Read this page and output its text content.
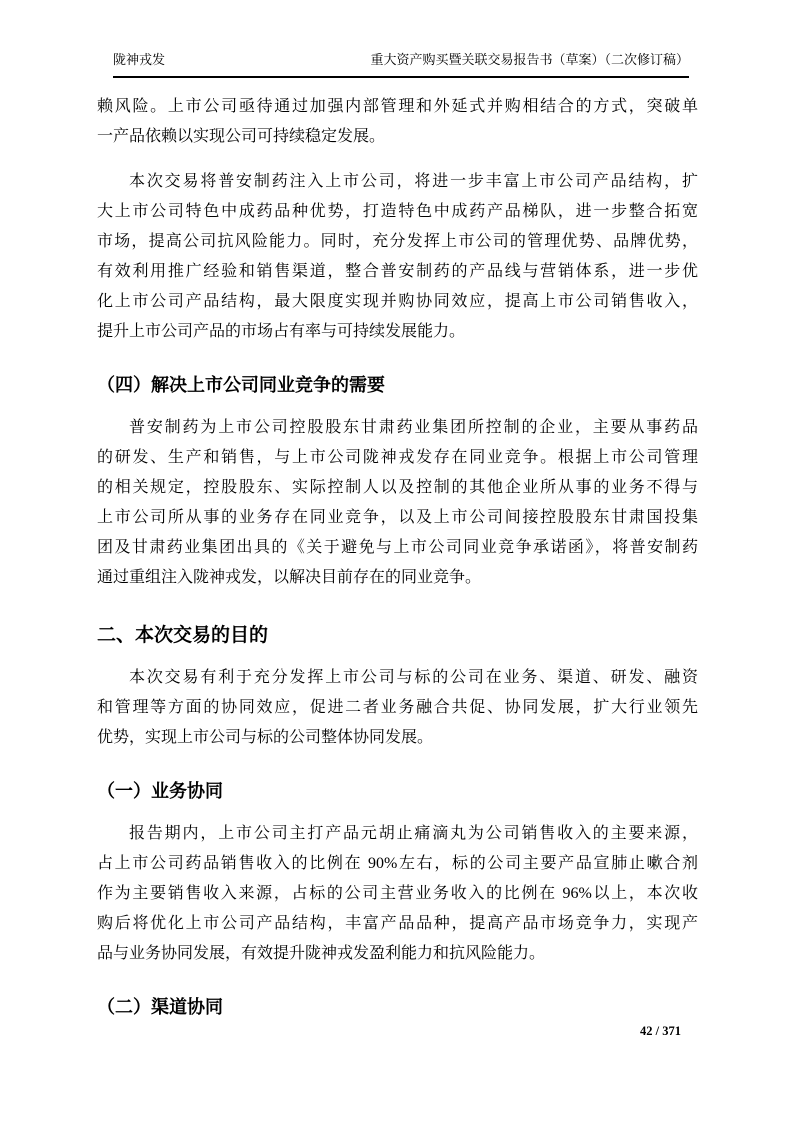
陇神戎发	重大资产购买暨关联交易报告书（草案）（二次修订稿）
赖风险。上市公司亟待通过加强内部管理和外延式并购相结合的方式，突破单
一产品依赖以实现公司可持续稳定发展。
本次交易将普安制药注入上市公司，将进一步丰富上市公司产品结构，扩
大上市公司特色中成药品种优势，打造特色中成药产品梯队，进一步整合拓宽
市场，提高公司抗风险能力。同时，充分发挥上市公司的管理优势、品牌优势，
有效利用推广经验和销售渠道，整合普安制药的产品线与营销体系，进一步优
化上市公司产品结构，最大限度实现并购协同效应，提高上市公司销售收入，
提升上市公司产品的市场占有率与可持续发展能力。
（四）解决上市公司同业竞争的需要
普安制药为上市公司控股股东甘肃药业集团所控制的企业，主要从事药品
的研发、生产和销售，与上市公司陇神戎发存在同业竞争。根据上市公司管理
的相关规定，控股股东、实际控制人以及控制的其他企业所从事的业务不得与
上市公司所从事的业务存在同业竞争，以及上市公司间接控股股东甘肃国投集
团及甘肃药业集团出具的《关于避免与上市公司同业竞争承诺函》，将普安制药
通过重组注入陇神戎发，以解决目前存在的同业竞争。
二、本次交易的目的
本次交易有利于充分发挥上市公司与标的公司在业务、渠道、研发、融资
和管理等方面的协同效应，促进二者业务融合共促、协同发展，扩大行业领先
优势，实现上市公司与标的公司整体协同发展。
（一）业务协同
报告期内，上市公司主打产品元胡止痛滴丸为公司销售收入的主要来源，
占上市公司药品销售收入的比例在 90%左右，标的公司主要产品宣肺止嗽合剂
作为主要销售收入来源，占标的公司主营业务收入的比例在 96%以上，本次收
购后将优化上市公司产品结构，丰富产品品种，提高产品市场竞争力，实现产
品与业务协同发展，有效提升陇神戎发盈利能力和抗风险能力。
（二）渠道协同
42 / 371
